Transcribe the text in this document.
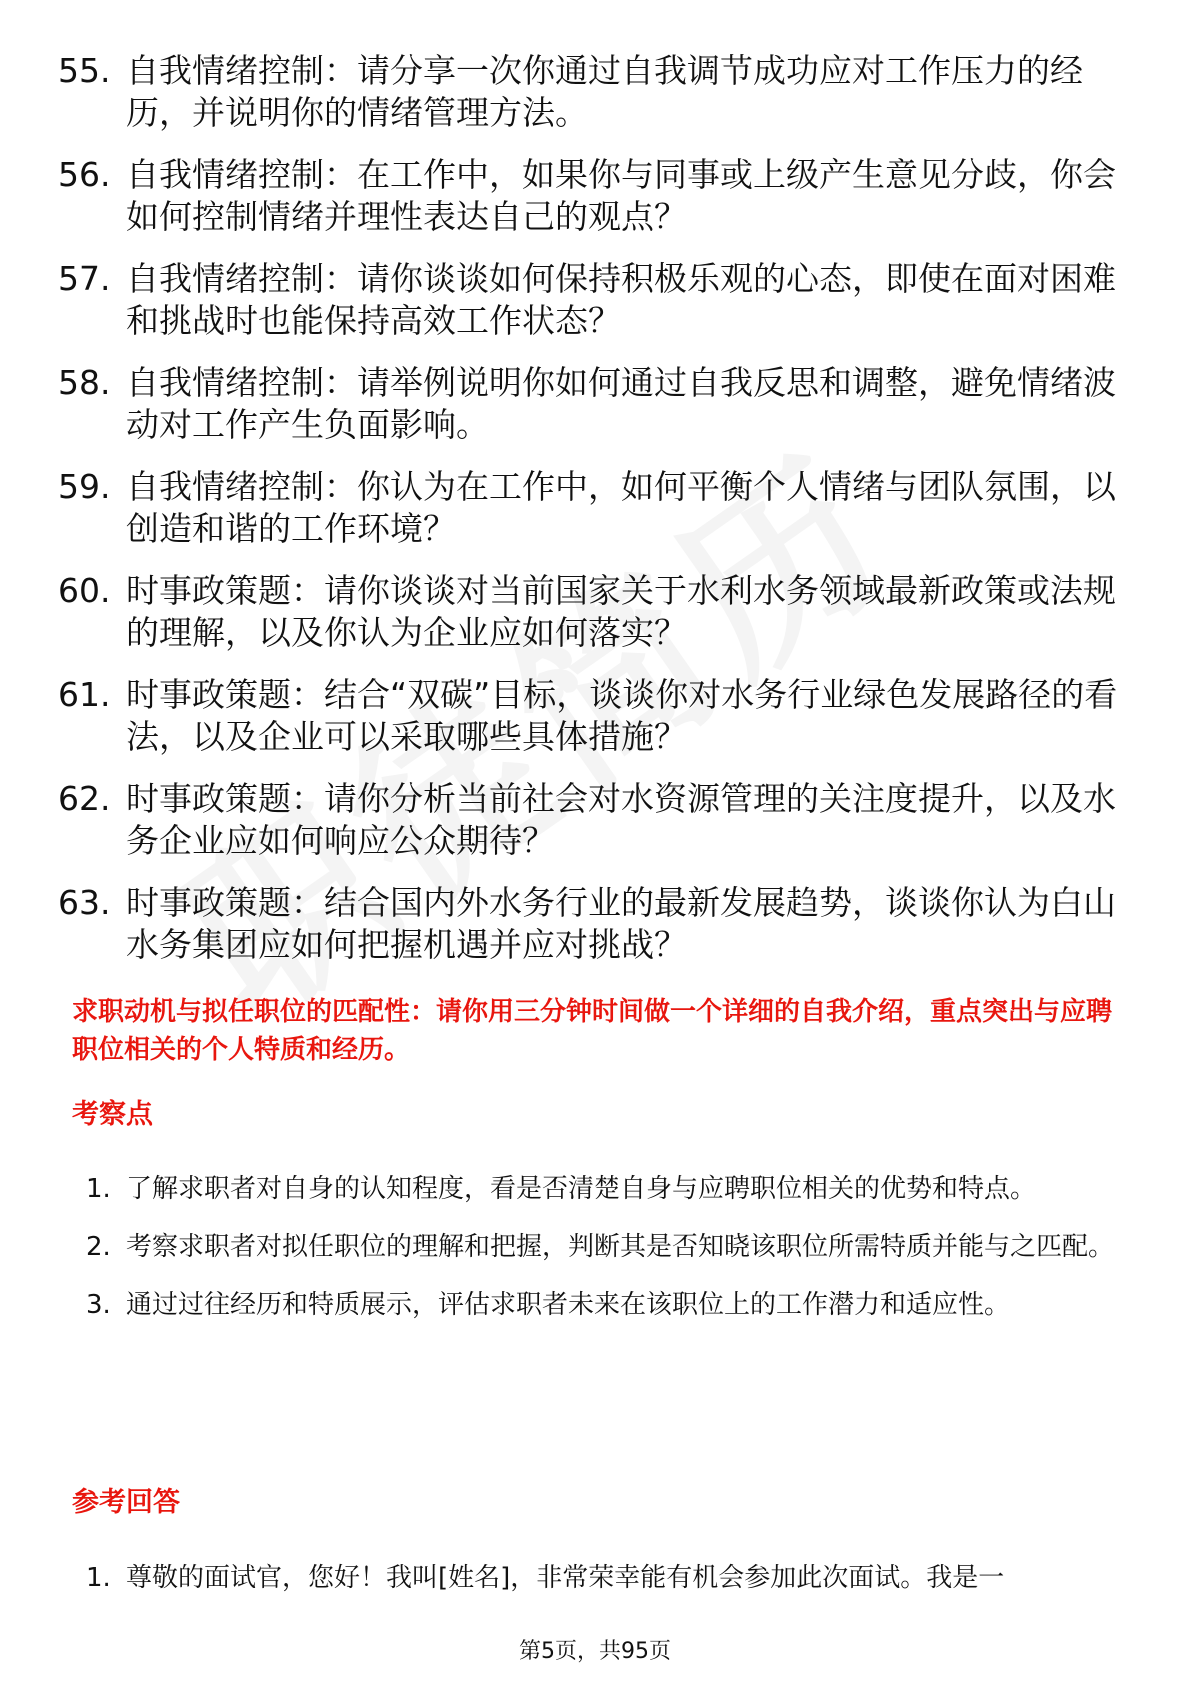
55. 自我情绪控制：请分享一次你通过自我调节成功应对工作压力的经历，并说明你的情绪管理方法。
56. 自我情绪控制：在工作中，如果你与同事或上级产生意见分歧，你会如何控制情绪并理性表达自己的观点？
57. 自我情绪控制：请你谈谈如何保持积极乐观的心态，即使在面对困难和挑战时也能保持高效工作状态？
58. 自我情绪控制：请举例说明你如何通过自我反思和调整，避免情绪波动对工作产生负面影响。
59. 自我情绪控制：你认为在工作中，如何平衡个人情绪与团队氛围，以创造和谐的工作环境？
60. 时事政策题：请你谈谈对当前国家关于水利水务领域最新政策或法规的理解，以及你认为企业应如何落实？
61. 时事政策题：结合“双碳”目标，谈谈你对水务行业绿色发展路径的看法，以及企业可以采取哪些具体措施？
62. 时事政策题：请你分析当前社会对水资源管理的关注度提升，以及水务企业应如何响应公众期待？
63. 时事政策题：结合国内外水务行业的最新发展趋势，谈谈你认为白山水务集团应如何把握机遇并应对挑战？
求职动机与拟任职位的匹配性：请你用三分钟时间做一个详细的自我介绍，重点突出与应聘职位相关的个人特质和经历。
考察点
1. 了解求职者对自身的认知程度，看是否清楚自身与应聘职位相关的优势和特点。
2. 考察求职者对拟任职位的理解和把握，判断其是否知晓该职位所需特质并能与之匹配。
3. 通过过往经历和特质展示，评估求职者未来在该职位上的工作潜力和适应性。
参考回答
1. 尊敬的面试官，您好！我叫[姓名]，非常荣幸能有机会参加此次面试。我是一
第5页，共95页
